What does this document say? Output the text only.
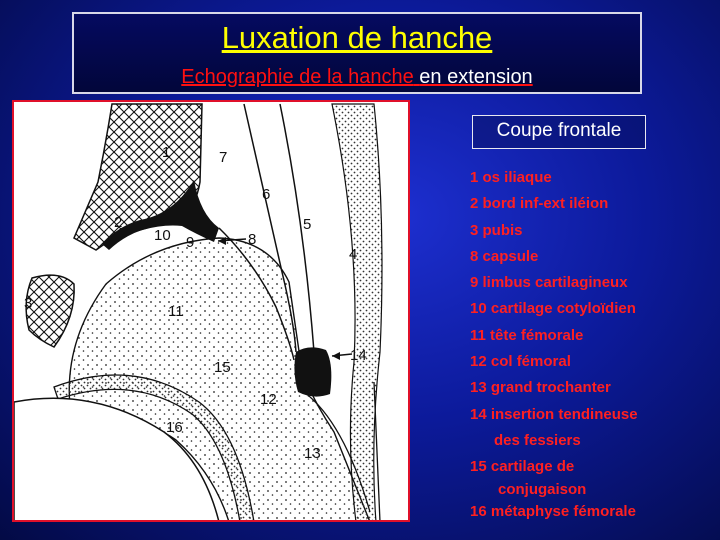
Luxation de hanche
Echographie de la hanche en extension
1
2
3
4
5
6
7
8
9
10
11
12
13
14
15
16
Coupe frontale
1 os iliaque
2 bord inf-ext iléion
3 pubis
8 capsule
9 limbus cartilagineux
10 cartilage cotyloïdien
11 tête fémorale
12 col fémoral
13 grand trochanter
14 insertion tendineuse
des fessiers
15 cartilage de
conjugaison
16 métaphyse fémorale
